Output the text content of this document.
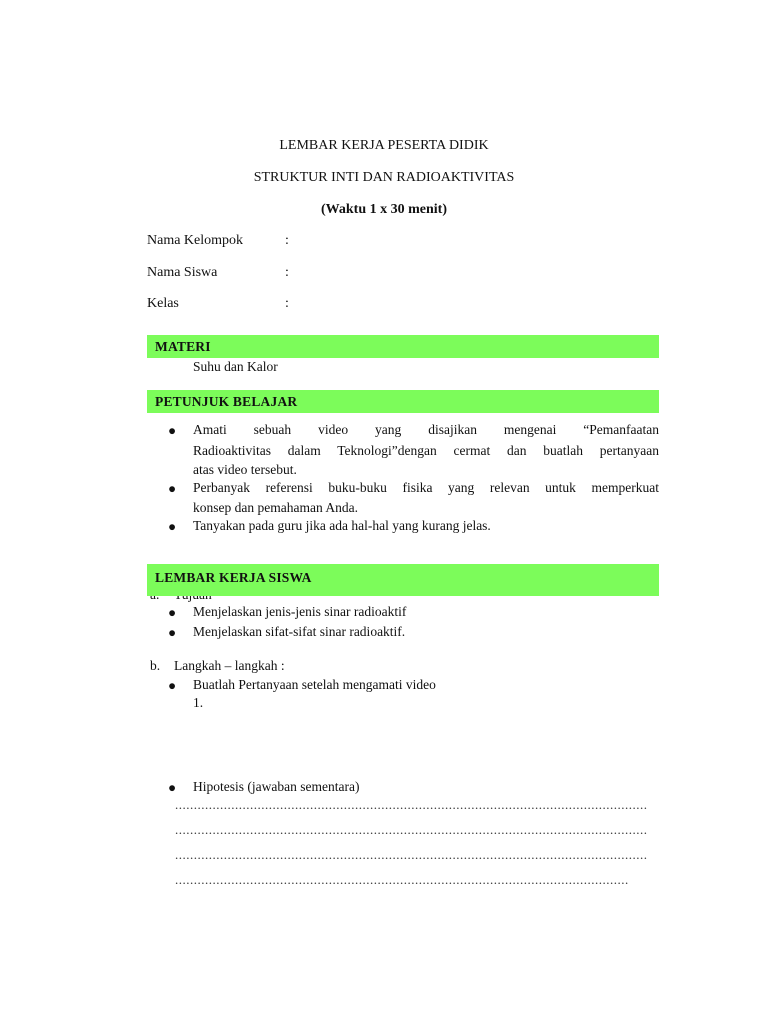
LEMBAR KERJA PESERTA DIDIK
STRUKTUR INTI DAN RADIOAKTIVITAS
(Waktu 1 x 30 menit)
Nama Kelompok	:
Nama Siswa	:
Kelas	:
MATERI
Suhu dan Kalor
PETUNJUK BELAJAR
● Amati sebuah video yang disajikan mengenai “Pemanfaatan
Radioaktivitas dalam Teknologi”dengan cermat dan buatlah pertanyaan
atas video tersebut.
● Perbanyak referensi buku-buku fisika yang relevan untuk memperkuat
konsep dan pemahaman Anda.
● Tanyakan pada guru jika ada hal-hal yang kurang jelas.
LEMBAR KERJA SISWA
● Menjelaskan jenis-jenis sinar radioaktif
● Menjelaskan sifat-sifat sinar radioaktif.
b. Langkah – langkah :
● Buatlah Pertanyaan setelah mengamati video
1.
● Hipotesis (jawaban sementara)
..............................................................................................................................
..............................................................................................................................
..............................................................................................................................
.........................................................................................................................
